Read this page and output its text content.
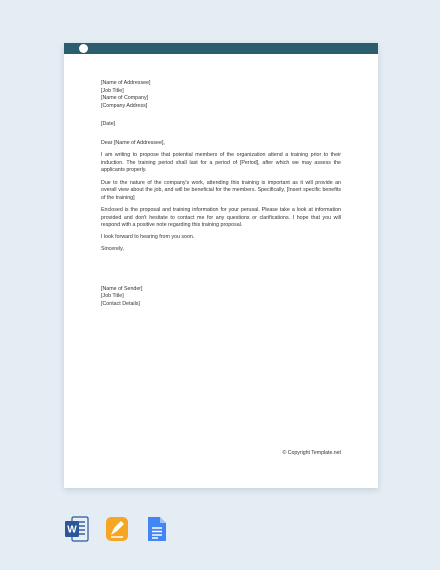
[Name of Addressee]
[Job Title]
[Name of Company]
[Company Address]
[Date]

Dear [Name of Addressee],

I am writing to propose that potential members of the organization attend a training prior to their induction. The training period shall last for a period of [Period], after which we may assess the applicants properly.

Due to the nature of the company's work, attending this training is important as it will provide an overall view about the job, and will be beneficial for the members. Specifically, [Insert specific benefits of the training]

Enclosed is the proposal and training information for your perusal. Please take a look at information provided and don't hesitate to contact me for any questions or clarifications. I hope that you will respond with a positive note regarding this training proposal.

I look forward to hearing from you soon.

Sincerely,

[Name of Sender]
[Job Title]
[Contact Details]
© Copyright Template.net
W
